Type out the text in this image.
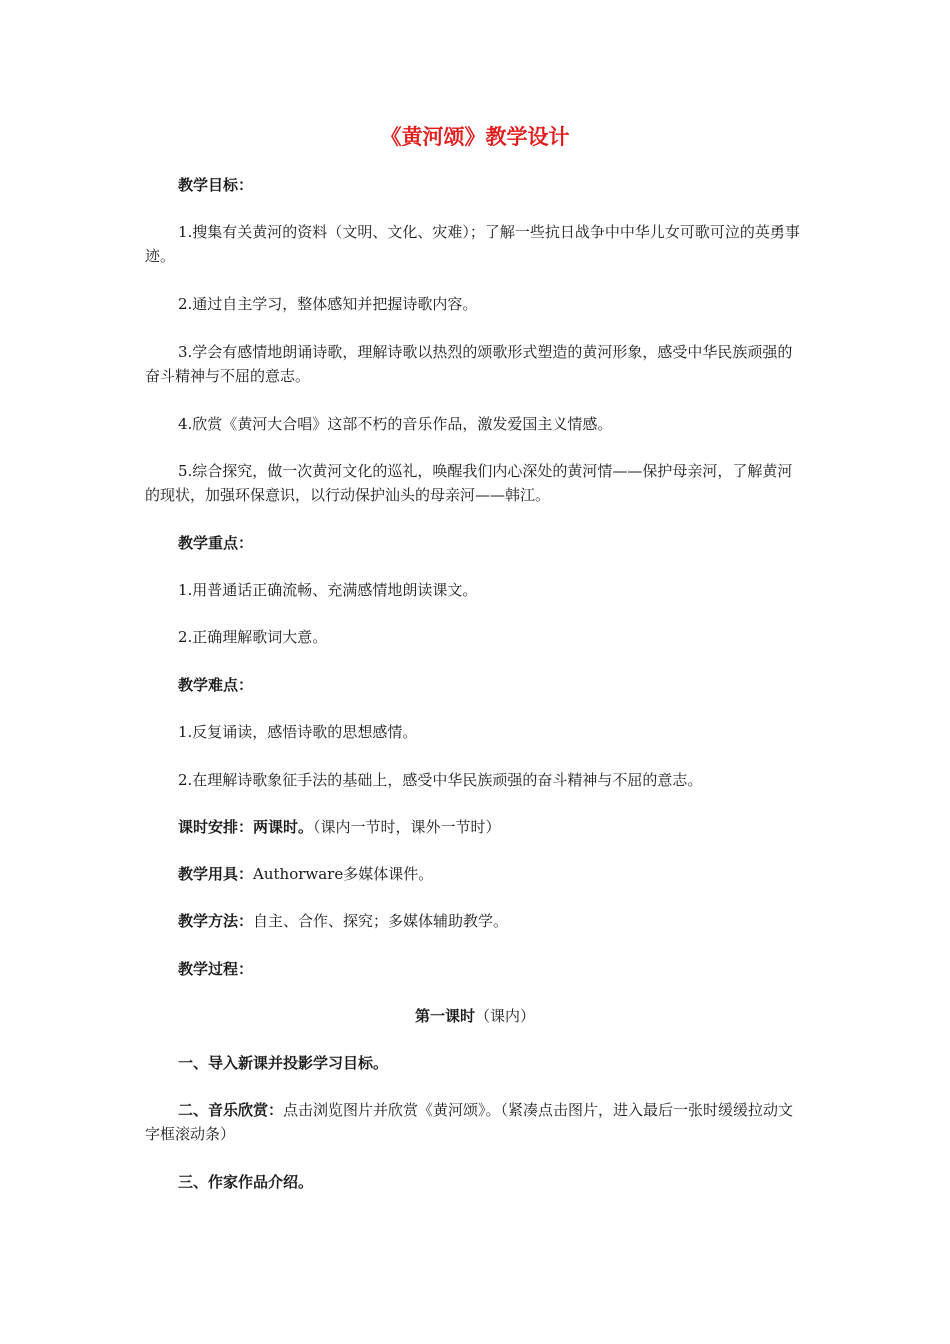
《黄河颂》教学设计

教学目标：

1.搜集有关黄河的资料（文明、文化、灾难）；了解一些抗日战争中中华儿女可歌可泣的英勇事迹。

2.通过自主学习，整体感知并把握诗歌内容。

3.学会有感情地朗诵诗歌，理解诗歌以热烈的颂歌形式塑造的黄河形象，感受中华民族顽强的奋斗精神与不屈的意志。

4.欣赏《黄河大合唱》这部不朽的音乐作品，激发爱国主义情感。

5.综合探究，做一次黄河文化的巡礼，唤醒我们内心深处的黄河情——保护母亲河，了解黄河的现状，加强环保意识，以行动保护汕头的母亲河——韩江。

教学重点：

1.用普通话正确流畅、充满感情地朗读课文。

2.正确理解歌词大意。

教学难点：

1.反复诵读，感悟诗歌的思想感情。

2.在理解诗歌象征手法的基础上，感受中华民族顽强的奋斗精神与不屈的意志。

课时安排：两课时。（课内一节时，课外一节时）

教学用具：Authorware多媒体课件。

教学方法：自主、合作、探究；多媒体辅助教学。

教学过程：

第一课时（课内）

一、导入新课并投影学习目标。

二、音乐欣赏：点击浏览图片并欣赏《黄河颂》。（紧凑点击图片，进入最后一张时缓缓拉动文字框滚动条）

三、作家作品介绍。
